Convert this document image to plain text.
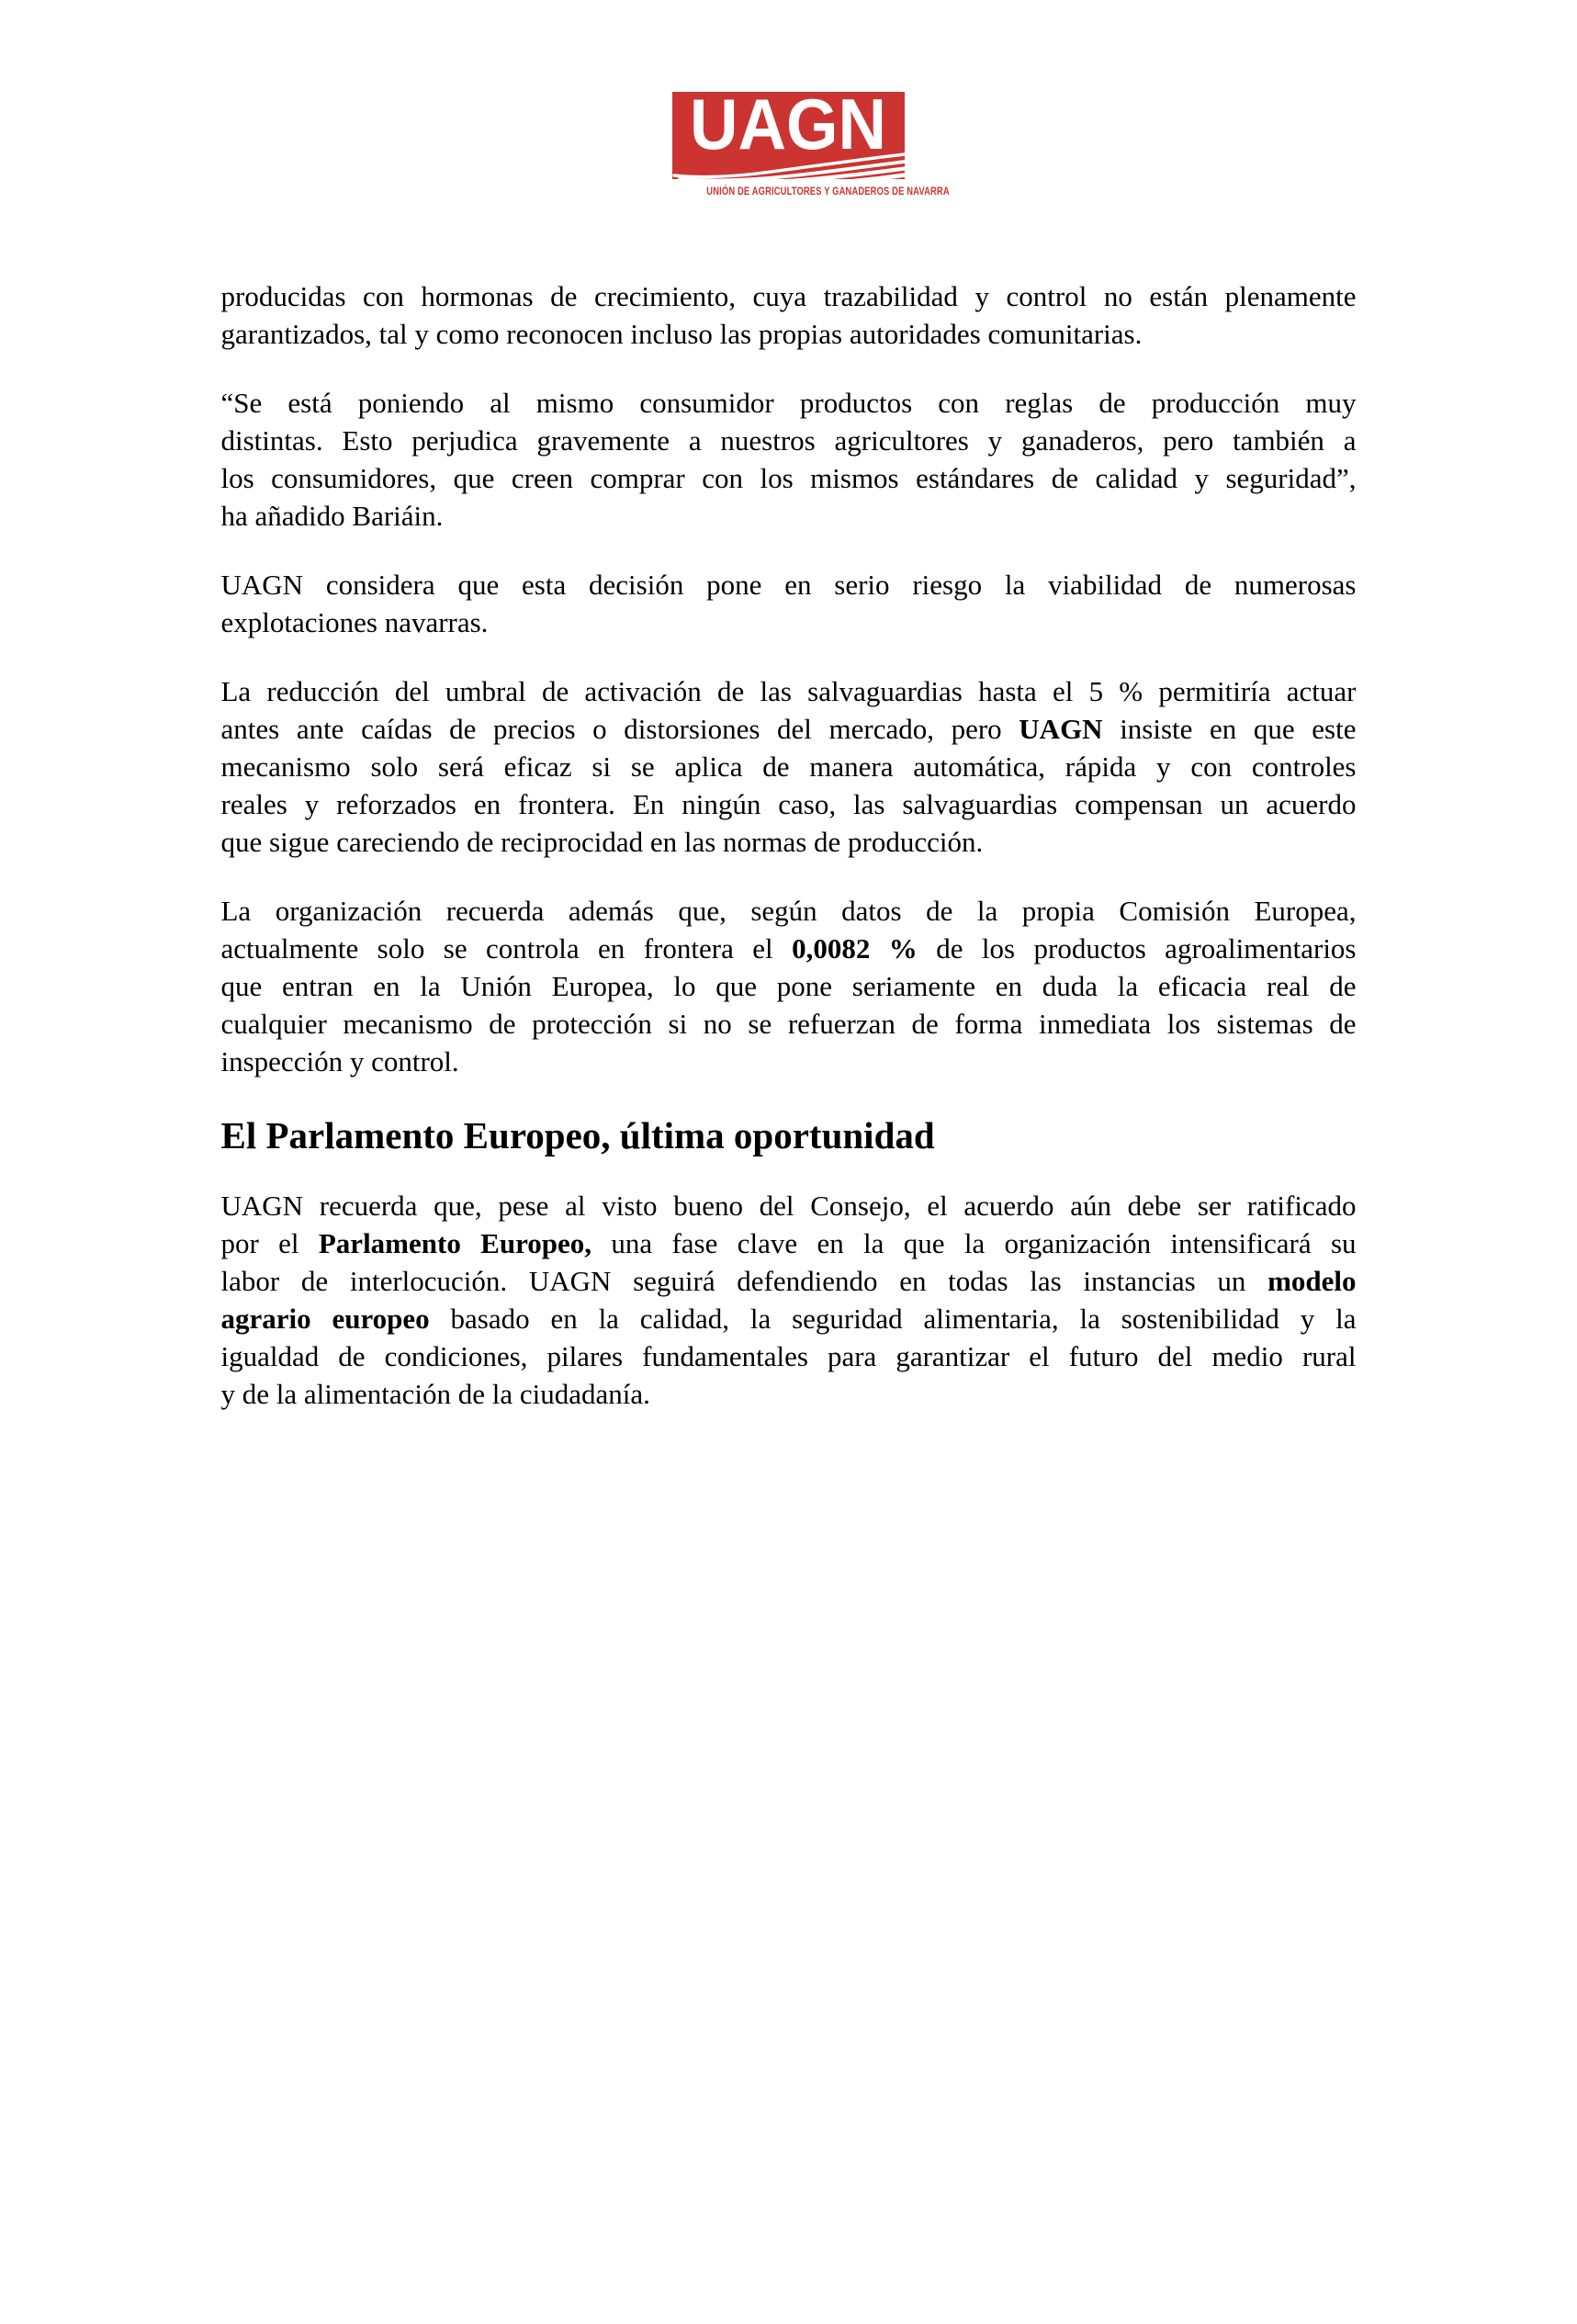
UAGN
UNIÓN DE AGRICULTORES Y GANADEROS DE NAVARRA
producidas con hormonas de crecimiento, cuya trazabilidad y control no están plenamente
garantizados, tal y como reconocen incluso las propias autoridades comunitarias.
“Se está poniendo al mismo consumidor productos con reglas de producción muy
distintas. Esto perjudica gravemente a nuestros agricultores y ganaderos, pero también a
los consumidores, que creen comprar con los mismos estándares de calidad y seguridad”,
ha añadido Bariáin.
UAGN considera que esta decisión pone en serio riesgo la viabilidad de numerosas
explotaciones navarras.
La reducción del umbral de activación de las salvaguardias hasta el 5 % permitiría actuar
antes ante caídas de precios o distorsiones del mercado, pero UAGN insiste en que este
mecanismo solo será eficaz si se aplica de manera automática, rápida y con controles
reales y reforzados en frontera. En ningún caso, las salvaguardias compensan un acuerdo
que sigue careciendo de reciprocidad en las normas de producción.
La organización recuerda además que, según datos de la propia Comisión Europea,
actualmente solo se controla en frontera el 0,0082 % de los productos agroalimentarios
que entran en la Unión Europea, lo que pone seriamente en duda la eficacia real de
cualquier mecanismo de protección si no se refuerzan de forma inmediata los sistemas de
inspección y control.
El Parlamento Europeo, última oportunidad
UAGN recuerda que, pese al visto bueno del Consejo, el acuerdo aún debe ser ratificado
por el Parlamento Europeo, una fase clave en la que la organización intensificará su
labor de interlocución. UAGN seguirá defendiendo en todas las instancias un modelo
agrario europeo basado en la calidad, la seguridad alimentaria, la sostenibilidad y la
igualdad de condiciones, pilares fundamentales para garantizar el futuro del medio rural
y de la alimentación de la ciudadanía.
